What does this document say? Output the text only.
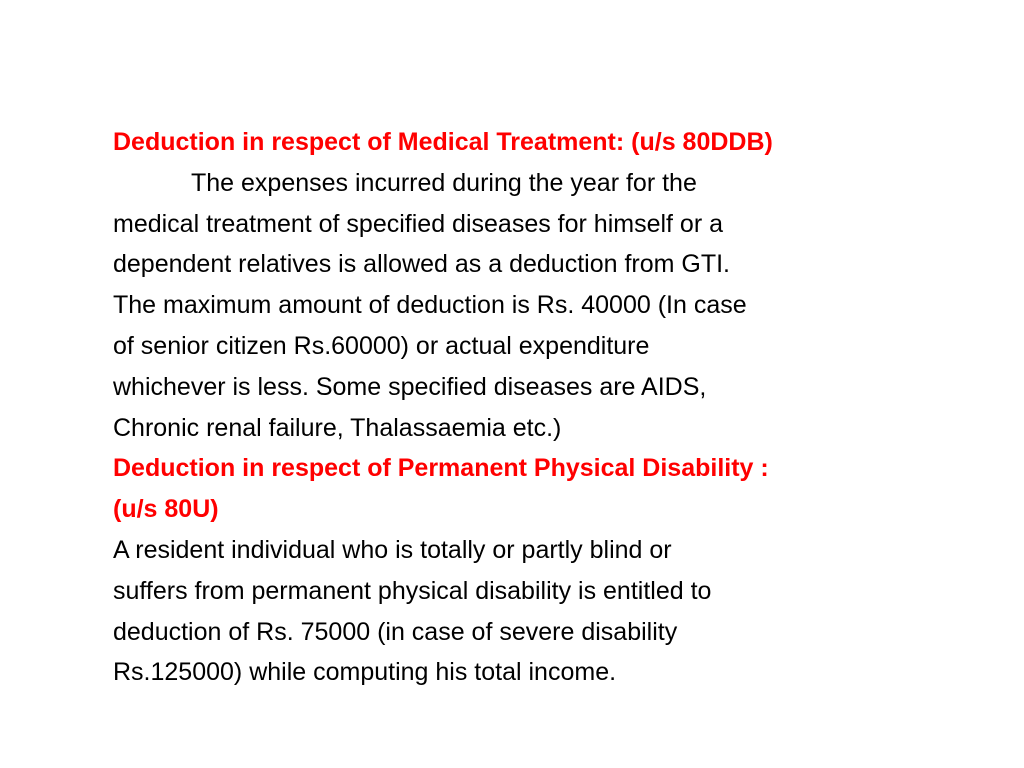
Deduction in respect of Medical Treatment: (u/s 80DDB)
The expenses incurred during the year for the
medical treatment of specified diseases for himself or a
dependent relatives is allowed as a deduction from GTI.
The maximum amount of deduction is Rs. 40000 (In case
of senior citizen Rs.60000) or actual expenditure
whichever is less. Some specified diseases are AIDS,
Chronic renal failure, Thalassaemia etc.)
Deduction in respect of Permanent Physical Disability :
(u/s 80U)
A resident individual who is totally or partly blind or
suffers from permanent physical disability is entitled to
deduction of Rs. 75000 (in case of severe disability
Rs.125000) while computing his total income.
